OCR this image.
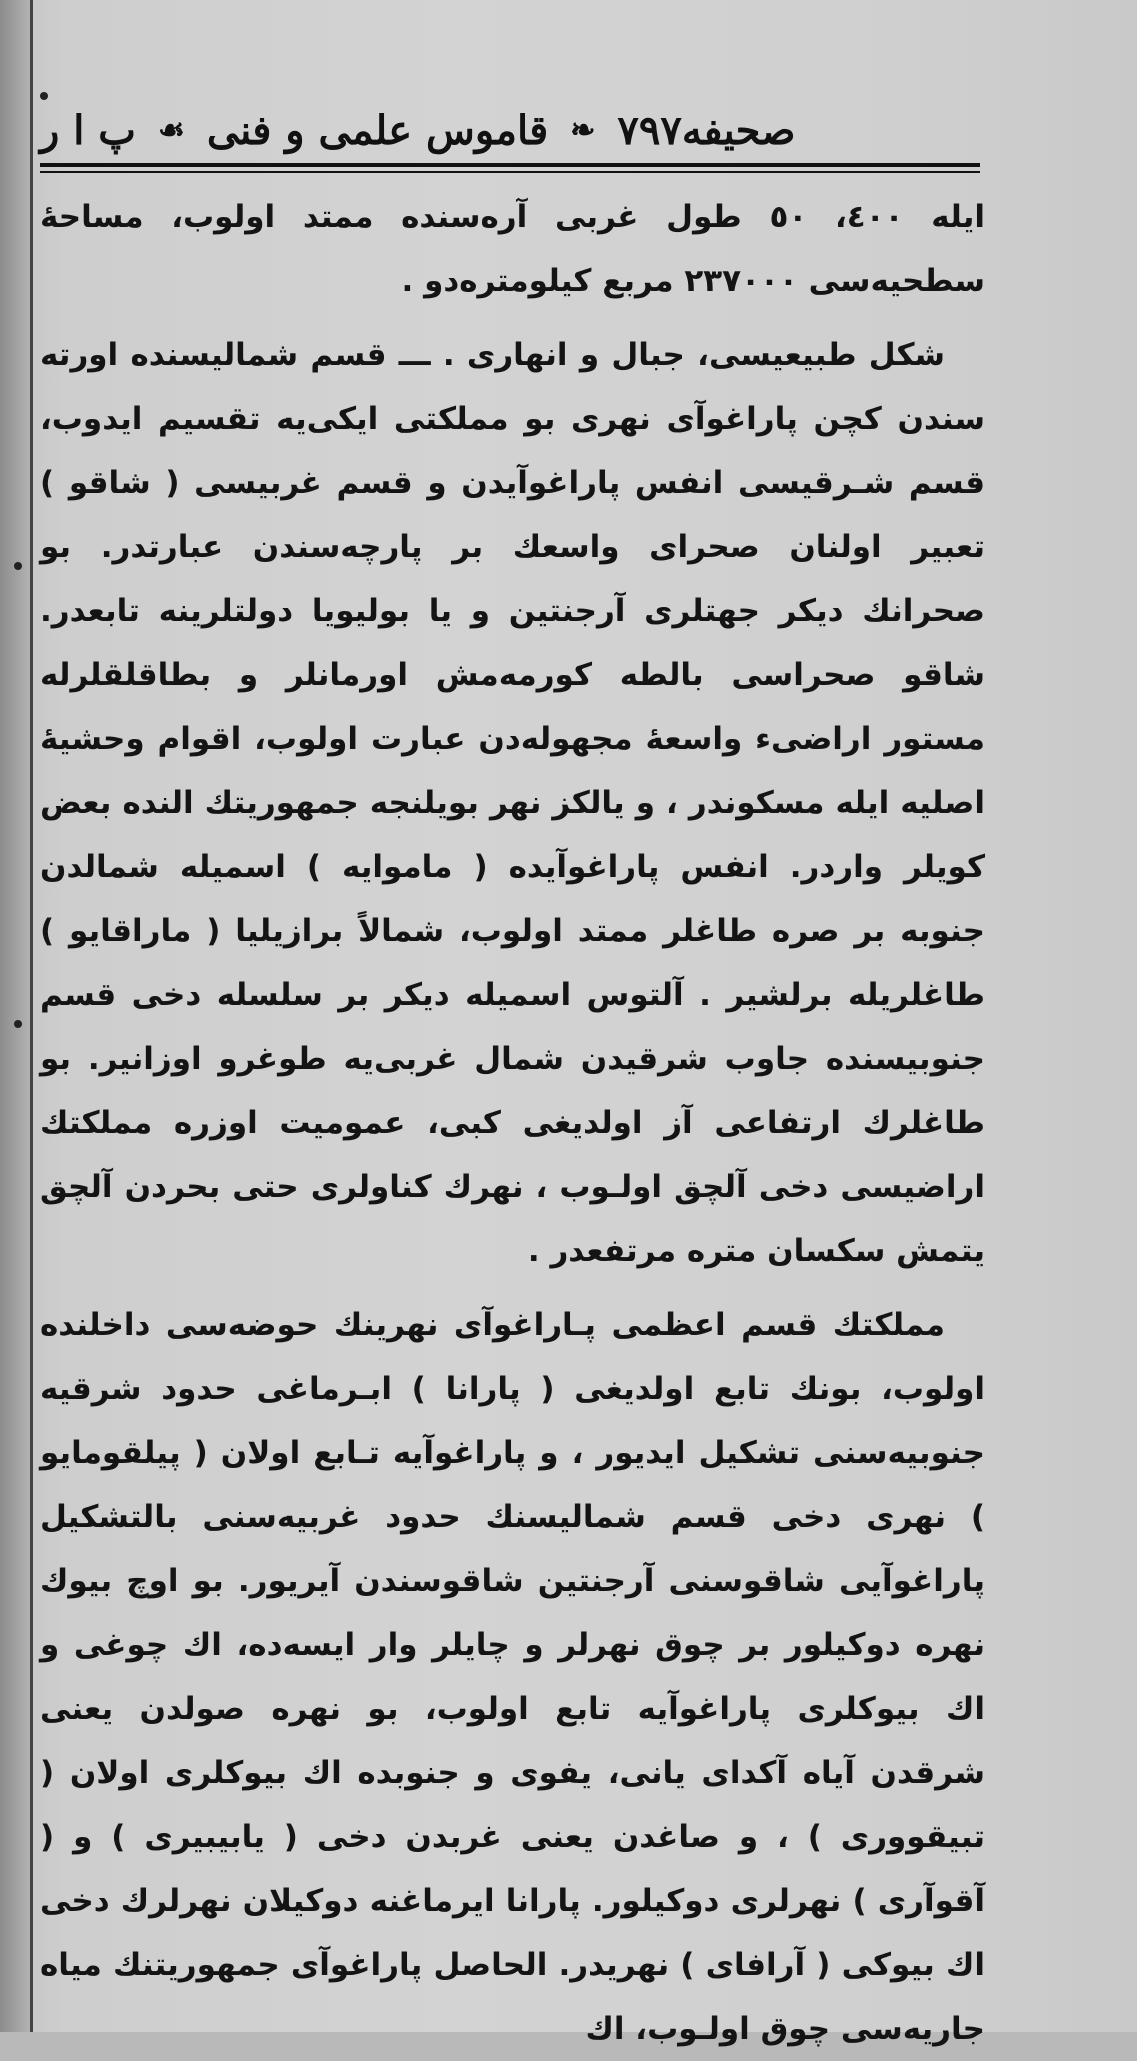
پ ا ر ☙ قاموس علمی و فنی ❧ صحیفه٧٩٧

ایله ٤٠٠، ٥٠ طول غربی آره‌سنده ممتد اولوب، مساحهٔ سطحیه‌سی ٢٣٧٠٠٠ مربع کیلومتره‌دو .

شکل طبیعیسی، جبال و انهاری . ـــ قسم شمالیسنده اورته سندن کچن پاراغوآی نهری بو مملکتی ایکی‌یه تقسیم ایدوب، قسم شـرقیسی انفس پاراغوآیدن و قسم غربیسی ( شاقو ) تعبیر اولنان صحرای واسعك بر پارچه‌سندن عبارتدر. بو صحرانك دیکر جهتلری آرجنتین و یا بولیویا دولتلرینه تابعدر. شاقو صحراسی بالطه کورمه‌مش اورمانلر و بطاقلقلرله مستور اراضیء واسعهٔ مجهوله‌دن عبارت اولوب، اقوام وحشیهٔ اصلیه ایله مسکوندر ، و یالکز نهر بویلنجه جمهوریتك النده بعض کویلر واردر. انفس پاراغوآیده ( ماموایه ) اسمیله شمالدن جنوبه بر صره طاغلر ممتد اولوب، شمالاً برازیلیا ( ماراقایو ) طاغلریله برلشیر . آلتوس اسمیله دیکر بر سلسله دخی قسم جنوبیسنده جاوب شرقیدن شمال غربی‌یه طوغرو اوزانیر. بو طاغلرك ارتفاعی آز اولدیغی کبی، عمومیت اوزره مملکتك اراضیسی دخی آلچق اولـوب ، نهرك کناولری حتی بحردن آلچق یتمش سکسان متره مرتفعدر .

مملکتك قسم اعظمی پـاراغوآی نهرینك حوضه‌سی داخلنده اولوب، بونك تابع اولدیغی ( پارانا ) ابـرماغی حدود شرقیه جنوبیه‌سنی تشکیل ایدیور ، و پاراغوآیه تـابع اولان ( پیلقومایو ) نهری دخی قسم شمالیسنك حدود غربیه‌سنی بالتشکیل پاراغوآیی شاقوسنی آرجنتین شاقوسندن آیریور. بو اوچ بیوك نهره دوکیلور بر چوق نهرلر و چایلر وار ایسه‌ده، اك چوغی و اك بیوکلری پاراغوآیه تابع اولوب، بو نهره صولدن یعنی شرقدن آیاه آکدای یانی، یفوی و جنوبده اك بیوکلری اولان ( تبیقووری ) ، و صاغدن یعنی غربدن دخی ( یابیبیری ) و ( آقوآری ) نهرلری دوکیلور. پارانا ایرماغنه دوکیلان نهرلرك دخی اك بیوکی ( آرافای ) نهریدر. الحاصل پاراغوآی جمهوریتنك میاه جاریه‌سی چوق اولـوب، اك
